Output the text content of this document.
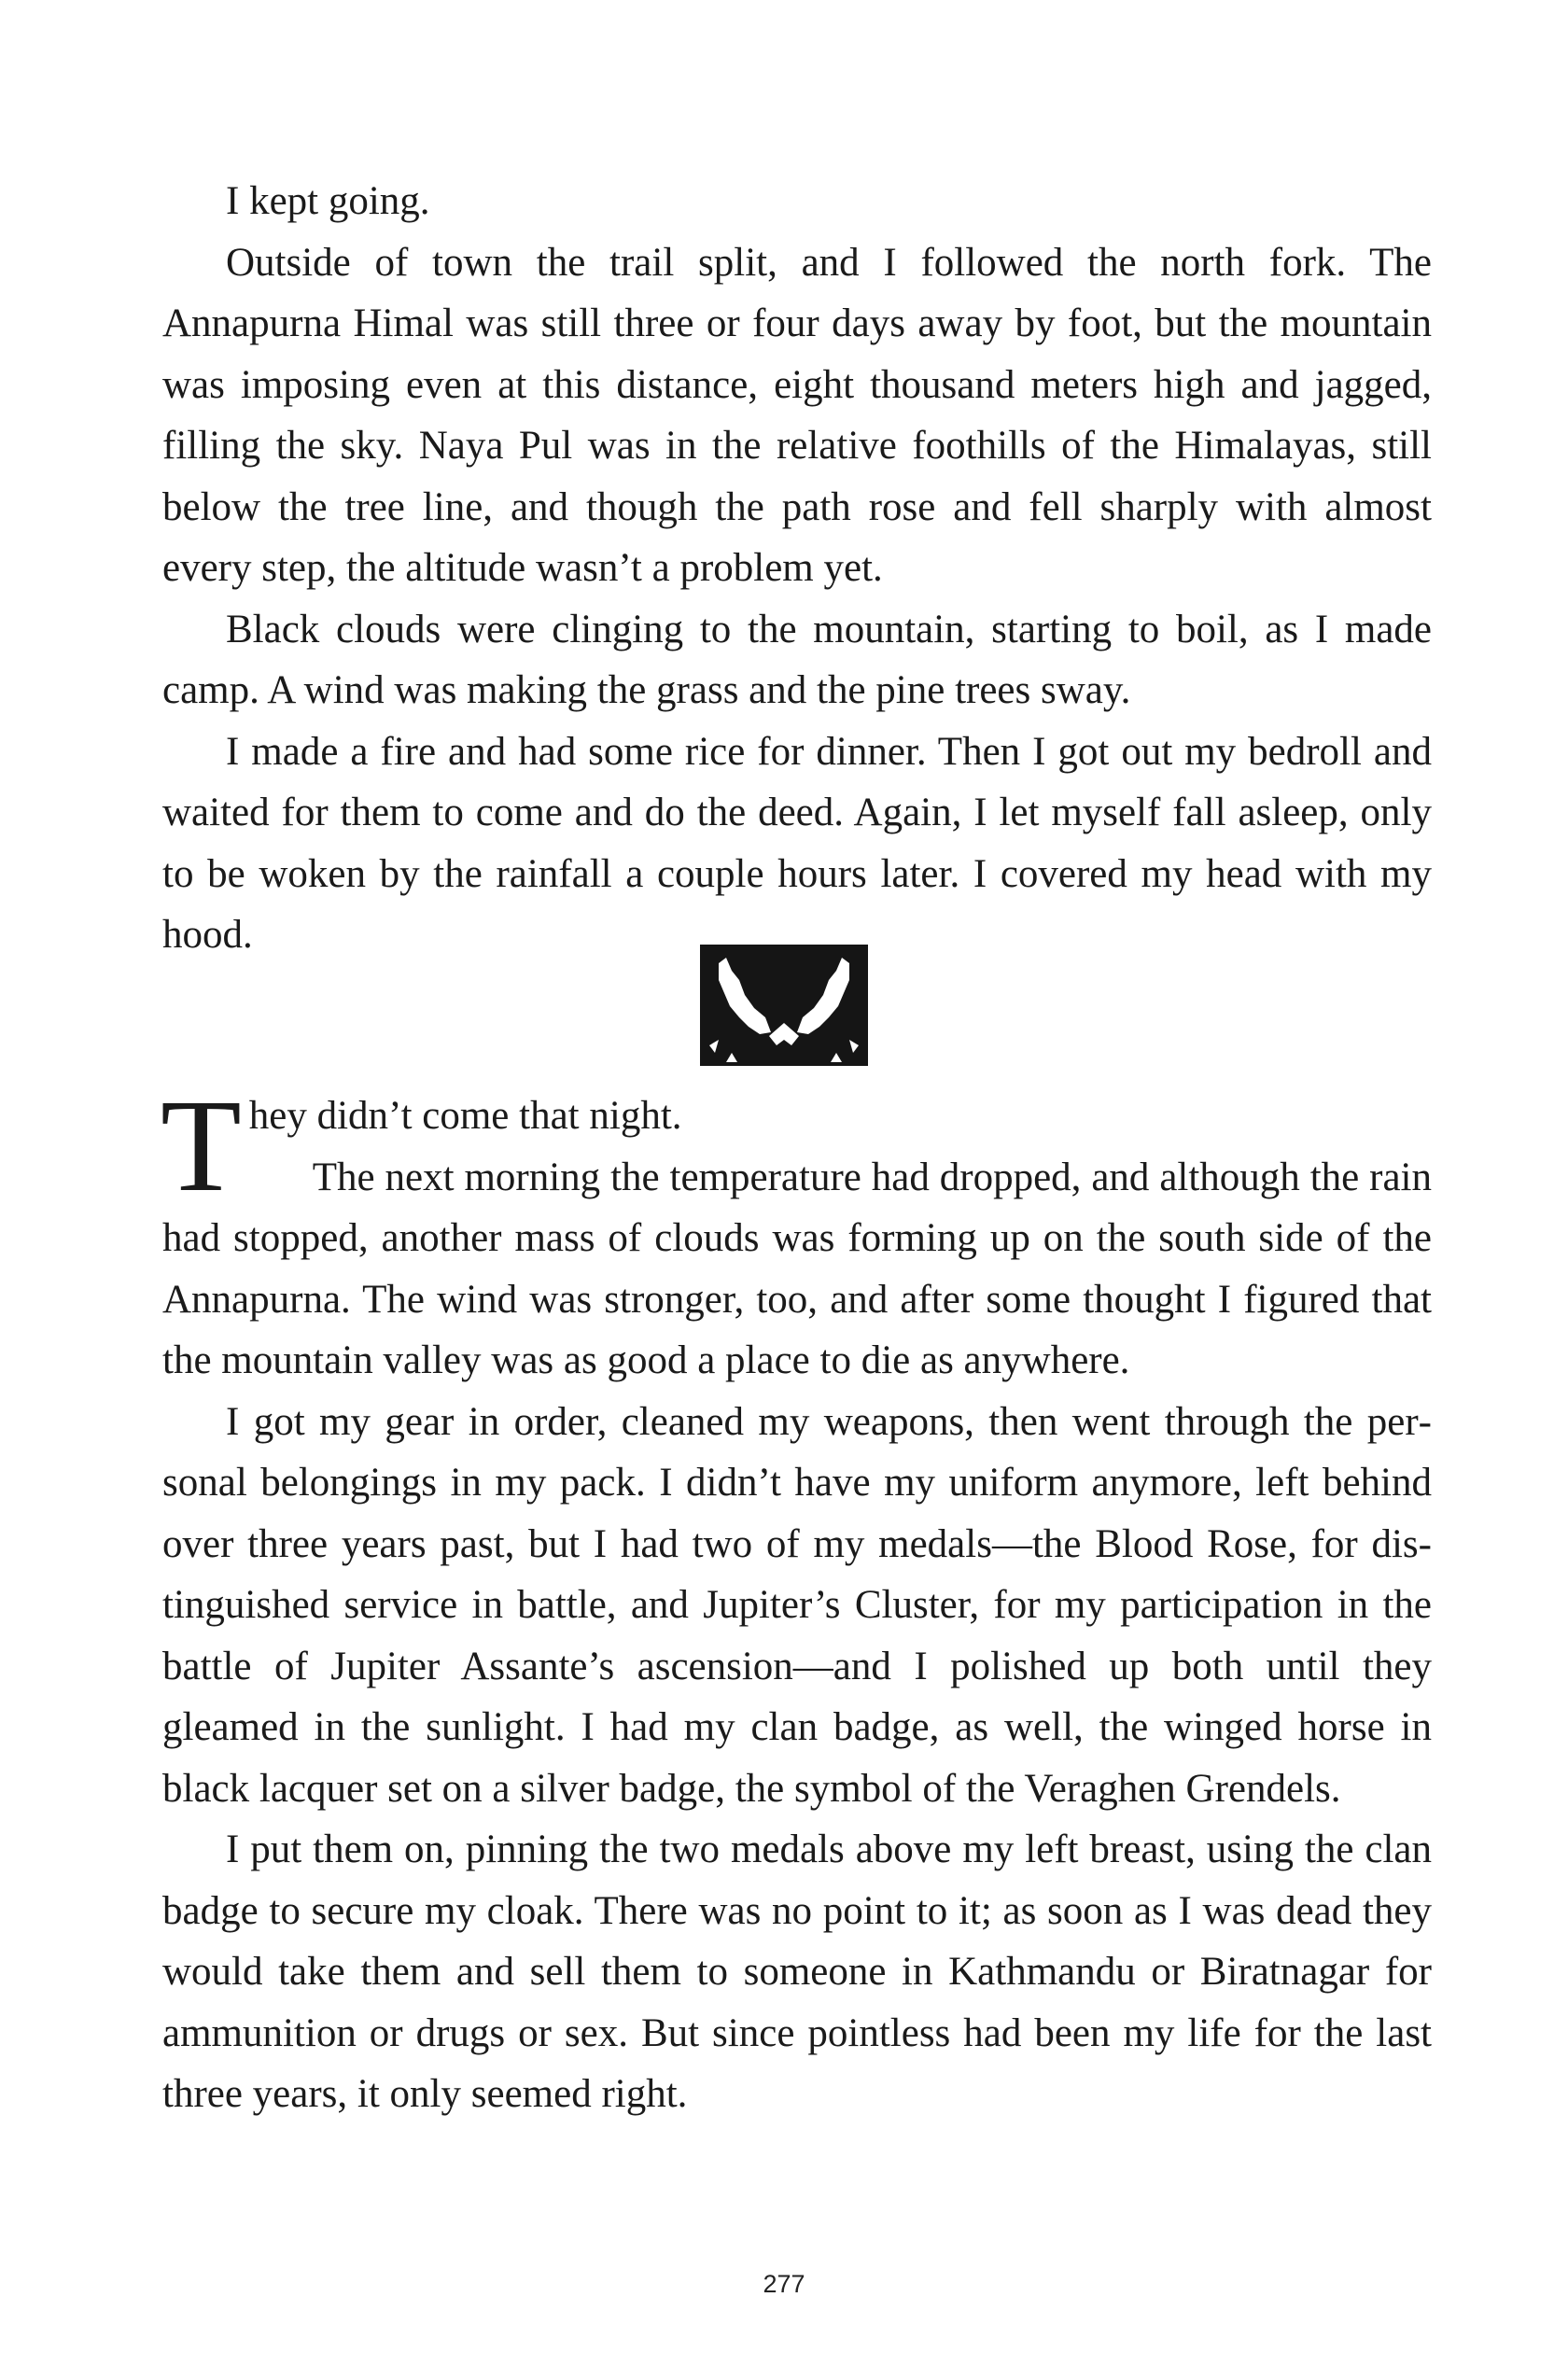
I kept going.

Outside of town the trail split, and I followed the north fork. The Annapurna Himal was still three or four days away by foot, but the mountain was imposing even at this distance, eight thousand meters high and jagged, filling the sky. Naya Pul was in the relative foothills of the Himalayas, still below the tree line, and though the path rose and fell sharply with almost every step, the altitude wasn’t a problem yet.

Black clouds were clinging to the mountain, starting to boil, as I made camp. A wind was making the grass and the pine trees sway.

I made a fire and had some rice for dinner. Then I got out my bedroll and waited for them to come and do the deed. Again, I let myself fall asleep, only to be woken by the rainfall a couple hours later. I covered my head with my hood.

They didn’t come that night.

The next morning the temperature had dropped, and although the rain had stopped, another mass of clouds was forming up on the south side of the Annapurna. The wind was stronger, too, and after some thought I figured that the mountain valley was as good a place to die as anywhere.

I got my gear in order, cleaned my weapons, then went through the personal belongings in my pack. I didn’t have my uniform anymore, left behind over three years past, but I had two of my medals—the Blood Rose, for distinguished service in battle, and Jupiter’s Cluster, for my participation in the battle of Jupiter Assante’s ascension—and I polished up both until they gleamed in the sunlight. I had my clan badge, as well, the winged horse in black lacquer set on a silver badge, the symbol of the Veraghen Grendels.

I put them on, pinning the two medals above my left breast, using the clan badge to secure my cloak. There was no point to it; as soon as I was dead they would take them and sell them to someone in Kathmandu or Biratnagar for ammunition or drugs or sex. But since pointless had been my life for the last three years, it only seemed right.

277
